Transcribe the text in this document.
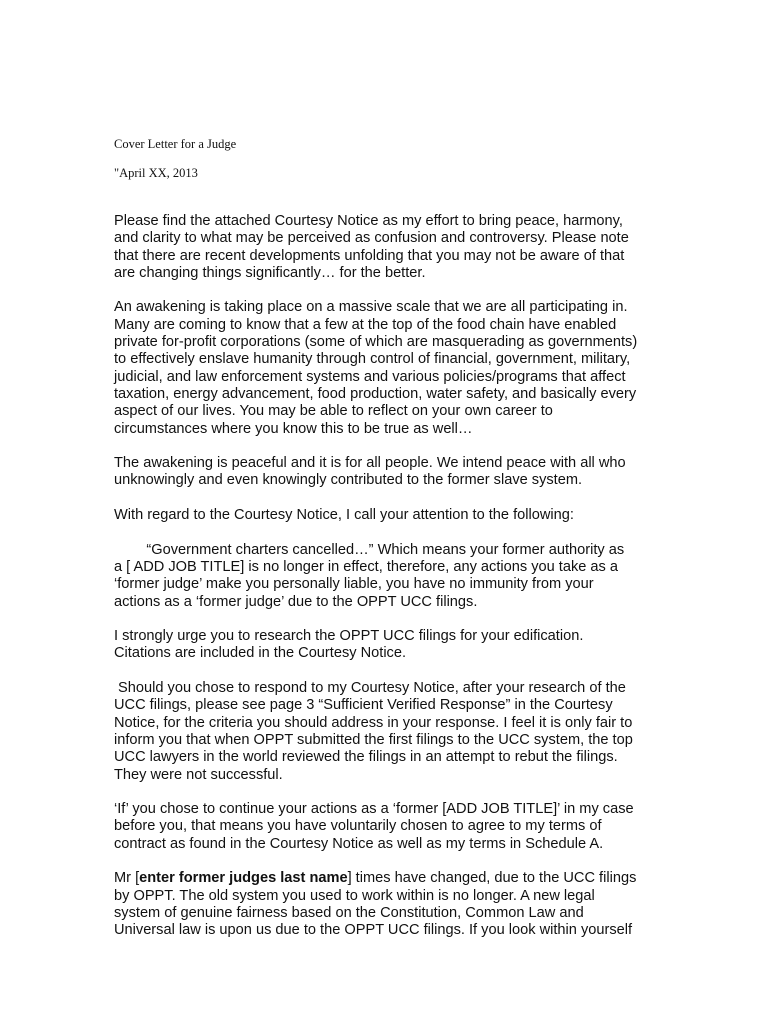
Cover Letter for a Judge
"April XX, 2013

Please find the attached Courtesy Notice as my effort to bring peace, harmony,
and clarity to what may be perceived as confusion and controversy. Please note
that there are recent developments unfolding that you may not be aware of that
are changing things significantly… for the better.

An awakening is taking place on a massive scale that we are all participating in.
Many are coming to know that a few at the top of the food chain have enabled
private for-profit corporations (some of which are masquerading as governments)
to effectively enslave humanity through control of financial, government, military,
judicial, and law enforcement systems and various policies/programs that affect
taxation, energy advancement, food production, water safety, and basically every
aspect of our lives. You may be able to reflect on your own career to
circumstances where you know this to be true as well…

The awakening is peaceful and it is for all people. We intend peace with all who
unknowingly and even knowingly contributed to the former slave system.

With regard to the Courtesy Notice, I call your attention to the following:

“Government charters cancelled…” Which means your former authority as
a [ ADD JOB TITLE] is no longer in effect, therefore, any actions you take as a
‘former judge’ make you personally liable, you have no immunity from your
actions as a ‘former judge’ due to the OPPT UCC filings.

I strongly urge you to research the OPPT UCC filings for your edification.
Citations are included in the Courtesy Notice.

Should you chose to respond to my Courtesy Notice, after your research of the
UCC filings, please see page 3 “Sufficient Verified Response” in the Courtesy
Notice, for the criteria you should address in your response. I feel it is only fair to
inform you that when OPPT submitted the first filings to the UCC system, the top
UCC lawyers in the world reviewed the filings in an attempt to rebut the filings.
They were not successful.

‘If’ you chose to continue your actions as a ‘former [ADD JOB TITLE]’ in my case
before you, that means you have voluntarily chosen to agree to my terms of
contract as found in the Courtesy Notice as well as my terms in Schedule A.

Mr [enter former judges last name] times have changed, due to the UCC filings
by OPPT. The old system you used to work within is no longer. A new legal
system of genuine fairness based on the Constitution, Common Law and
Universal law is upon us due to the OPPT UCC filings. If you look within yourself
